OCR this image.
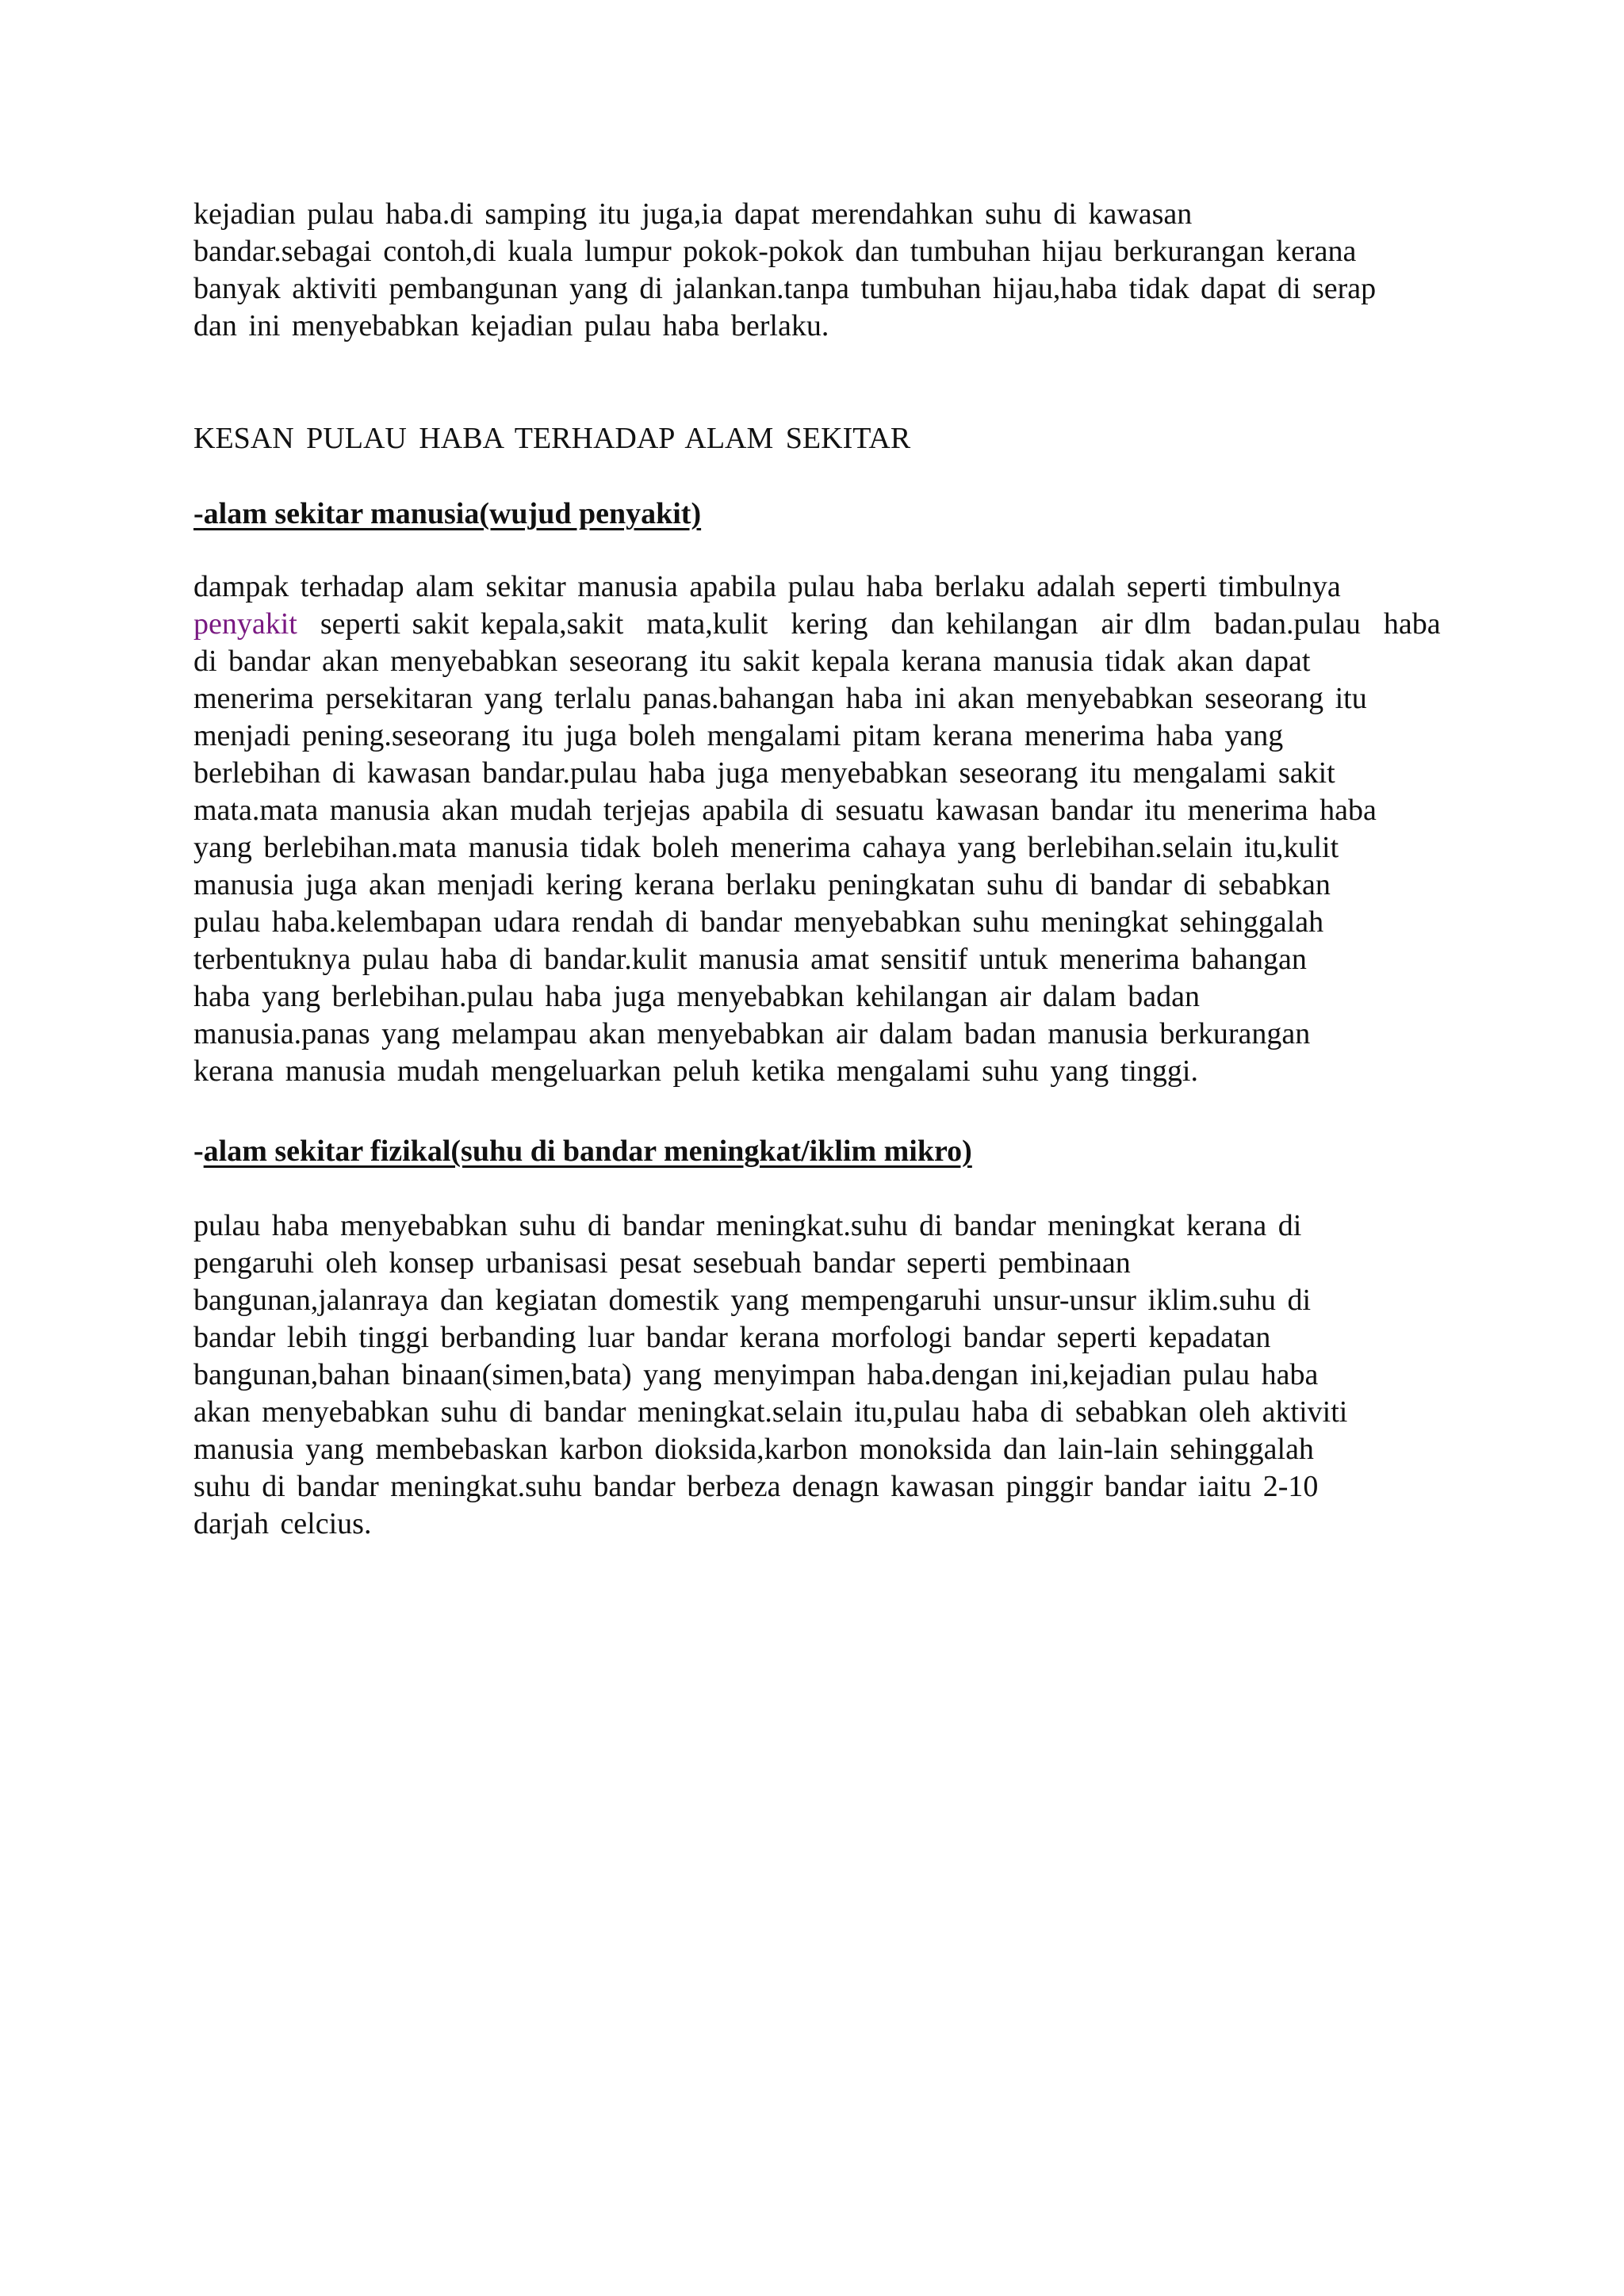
kejadian pulau haba.di samping itu juga,ia dapat merendahkan suhu di kawasan
bandar.sebagai contoh,di kuala lumpur pokok-pokok dan tumbuhan hijau berkurangan kerana
banyak aktiviti pembangunan yang di jalankan.tanpa tumbuhan hijau,haba tidak dapat di serap
dan ini menyebabkan kejadian pulau haba berlaku.
KESAN PULAU HABA TERHADAP ALAM SEKITAR
-alam sekitar manusia(wujud penyakit)
dampak terhadap alam sekitar manusia apabila pulau haba berlaku adalah seperti timbulnya
penyakit  seperti sakit kepala,sakit  mata,kulit  kering  dan kehilangan  air dlm  badan.pulau  haba
di bandar akan menyebabkan seseorang itu sakit kepala kerana manusia tidak akan dapat
menerima persekitaran yang terlalu panas.bahangan haba ini akan menyebabkan seseorang itu
menjadi pening.seseorang itu juga boleh mengalami pitam kerana menerima haba yang
berlebihan di kawasan bandar.pulau haba juga menyebabkan seseorang itu mengalami sakit
mata.mata manusia akan mudah terjejas apabila di sesuatu kawasan bandar itu menerima haba
yang berlebihan.mata manusia tidak boleh menerima cahaya yang berlebihan.selain itu,kulit
manusia juga akan menjadi kering kerana berlaku peningkatan suhu di bandar di sebabkan
pulau haba.kelembapan udara rendah di bandar menyebabkan suhu meningkat sehinggalah
terbentuknya pulau haba di bandar.kulit manusia amat sensitif untuk menerima bahangan
haba yang berlebihan.pulau haba juga menyebabkan kehilangan air dalam badan
manusia.panas yang melampau akan menyebabkan air dalam badan manusia berkurangan
kerana manusia mudah mengeluarkan peluh ketika mengalami suhu yang tinggi.
-alam sekitar fizikal(suhu di bandar meningkat/iklim mikro)
pulau haba menyebabkan suhu di bandar meningkat.suhu di bandar meningkat kerana di
pengaruhi oleh konsep urbanisasi pesat sesebuah bandar seperti pembinaan
bangunan,jalanraya dan kegiatan domestik yang mempengaruhi unsur-unsur iklim.suhu di
bandar lebih tinggi berbanding luar bandar kerana morfologi bandar seperti kepadatan
bangunan,bahan binaan(simen,bata) yang menyimpan haba.dengan ini,kejadian pulau haba
akan menyebabkan suhu di bandar meningkat.selain itu,pulau haba di sebabkan oleh aktiviti
manusia yang membebaskan karbon dioksida,karbon monoksida dan lain-lain sehinggalah
suhu di bandar meningkat.suhu bandar berbeza denagn kawasan pinggir bandar iaitu 2-10
darjah celcius.
